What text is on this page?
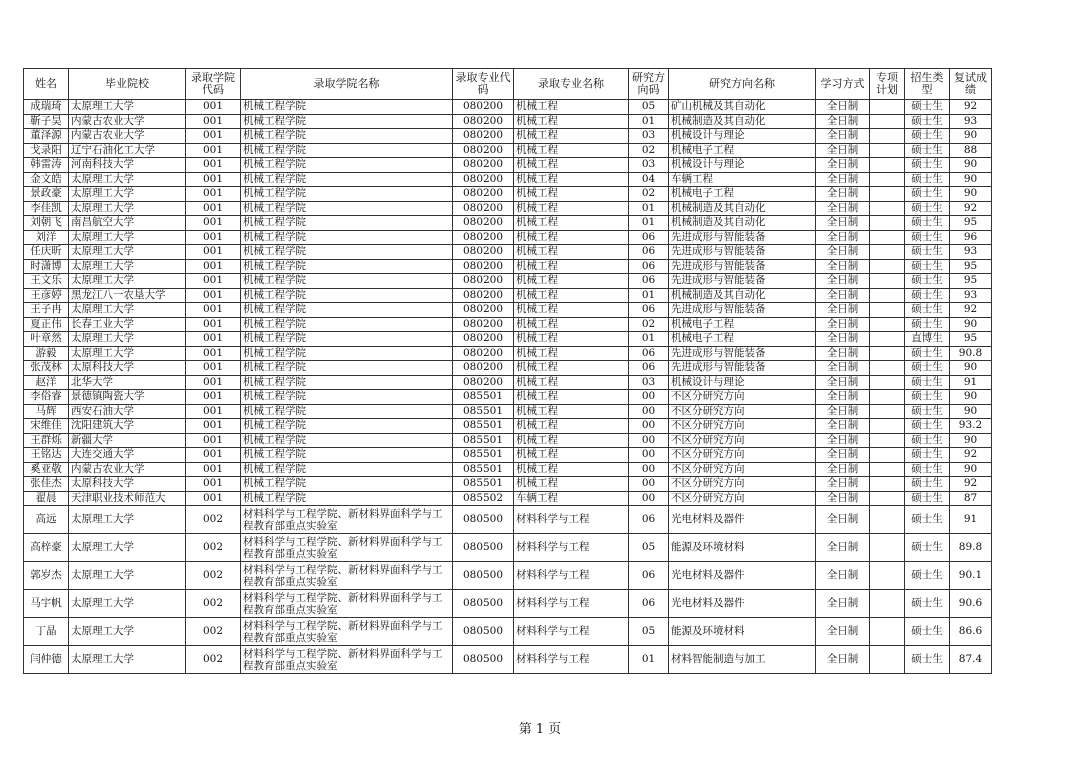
姓名	毕业院校	录取学院代码	录取学院名称	录取专业代码	录取专业名称	研究方向码	研究方向名称	学习方式	专项计划	招生类型	复试成绩
成瑞琦	太原理工大学	001	机械工程学院	080200	机械工程	05	矿山机械及其自动化	全日制		硕士生	92
靳子昊	内蒙古农业大学	001	机械工程学院	080200	机械工程	01	机械制造及其自动化	全日制		硕士生	93
董泽源	内蒙古农业大学	001	机械工程学院	080200	机械工程	03	机械设计与理论	全日制		硕士生	90
戈录阳	辽宁石油化工大学	001	机械工程学院	080200	机械工程	02	机械电子工程	全日制		硕士生	88
韩雷涛	河南科技大学	001	机械工程学院	080200	机械工程	03	机械设计与理论	全日制		硕士生	90
金文皓	太原理工大学	001	机械工程学院	080200	机械工程	04	车辆工程	全日制		硕士生	90
景政豪	太原理工大学	001	机械工程学院	080200	机械工程	02	机械电子工程	全日制		硕士生	90
李佳凯	太原理工大学	001	机械工程学院	080200	机械工程	01	机械制造及其自动化	全日制		硕士生	92
刘朝飞	南昌航空大学	001	机械工程学院	080200	机械工程	01	机械制造及其自动化	全日制		硕士生	95
刘洋	太原理工大学	001	机械工程学院	080200	机械工程	06	先进成形与智能装备	全日制		硕士生	96
任庆昕	太原理工大学	001	机械工程学院	080200	机械工程	06	先进成形与智能装备	全日制		硕士生	93
时潇博	太原理工大学	001	机械工程学院	080200	机械工程	06	先进成形与智能装备	全日制		硕士生	95
王文乐	太原理工大学	001	机械工程学院	080200	机械工程	06	先进成形与智能装备	全日制		硕士生	95
王彦婷	黑龙江八一农垦大学	001	机械工程学院	080200	机械工程	01	机械制造及其自动化	全日制		硕士生	93
王子冉	太原理工大学	001	机械工程学院	080200	机械工程	06	先进成形与智能装备	全日制		硕士生	92
夏正伟	长春工业大学	001	机械工程学院	080200	机械工程	02	机械电子工程	全日制		硕士生	90
叶章然	太原理工大学	001	机械工程学院	080200	机械工程	01	机械电子工程	全日制		直博生	95
游毅	太原理工大学	001	机械工程学院	080200	机械工程	06	先进成形与智能装备	全日制		硕士生	90.8
张茂林	太原科技大学	001	机械工程学院	080200	机械工程	06	先进成形与智能装备	全日制		硕士生	90
赵洋	北华大学	001	机械工程学院	080200	机械工程	03	机械设计与理论	全日制		硕士生	91
李俗睿	景德镇陶瓷大学	001	机械工程学院	085501	机械工程	00	不区分研究方向	全日制		硕士生	90
马辉	西安石油大学	001	机械工程学院	085501	机械工程	00	不区分研究方向	全日制		硕士生	90
宋维佳	沈阳建筑大学	001	机械工程学院	085501	机械工程	00	不区分研究方向	全日制		硕士生	93.2
王群烁	新疆大学	001	机械工程学院	085501	机械工程	00	不区分研究方向	全日制		硕士生	90
王铭达	大连交通大学	001	机械工程学院	085501	机械工程	00	不区分研究方向	全日制		硕士生	92
奚亚敬	内蒙古农业大学	001	机械工程学院	085501	机械工程	00	不区分研究方向	全日制		硕士生	90
张佳杰	太原科技大学	001	机械工程学院	085501	机械工程	00	不区分研究方向	全日制		硕士生	92
翟晨	天津职业技术师范大	001	机械工程学院	085502	车辆工程	00	不区分研究方向	全日制		硕士生	87
高远	太原理工大学	002	材料科学与工程学院、新材料界面科学与工程教育部重点实验室	080500	材料科学与工程	06	光电材料及器件	全日制		硕士生	91
高梓豪	太原理工大学	002	材料科学与工程学院、新材料界面科学与工程教育部重点实验室	080500	材料科学与工程	05	能源及环境材料	全日制		硕士生	89.8
郭岁杰	太原理工大学	002	材料科学与工程学院、新材料界面科学与工程教育部重点实验室	080500	材料科学与工程	06	光电材料及器件	全日制		硕士生	90.1
马宇帆	太原理工大学	002	材料科学与工程学院、新材料界面科学与工程教育部重点实验室	080500	材料科学与工程	06	光电材料及器件	全日制		硕士生	90.6
丁晶	太原理工大学	002	材料科学与工程学院、新材料界面科学与工程教育部重点实验室	080500	材料科学与工程	05	能源及环境材料	全日制		硕士生	86.6
闫仲德	太原理工大学	002	材料科学与工程学院、新材料界面科学与工程教育部重点实验室	080500	材料科学与工程	01	材料智能制造与加工	全日制		硕士生	87.4
第 1 页
